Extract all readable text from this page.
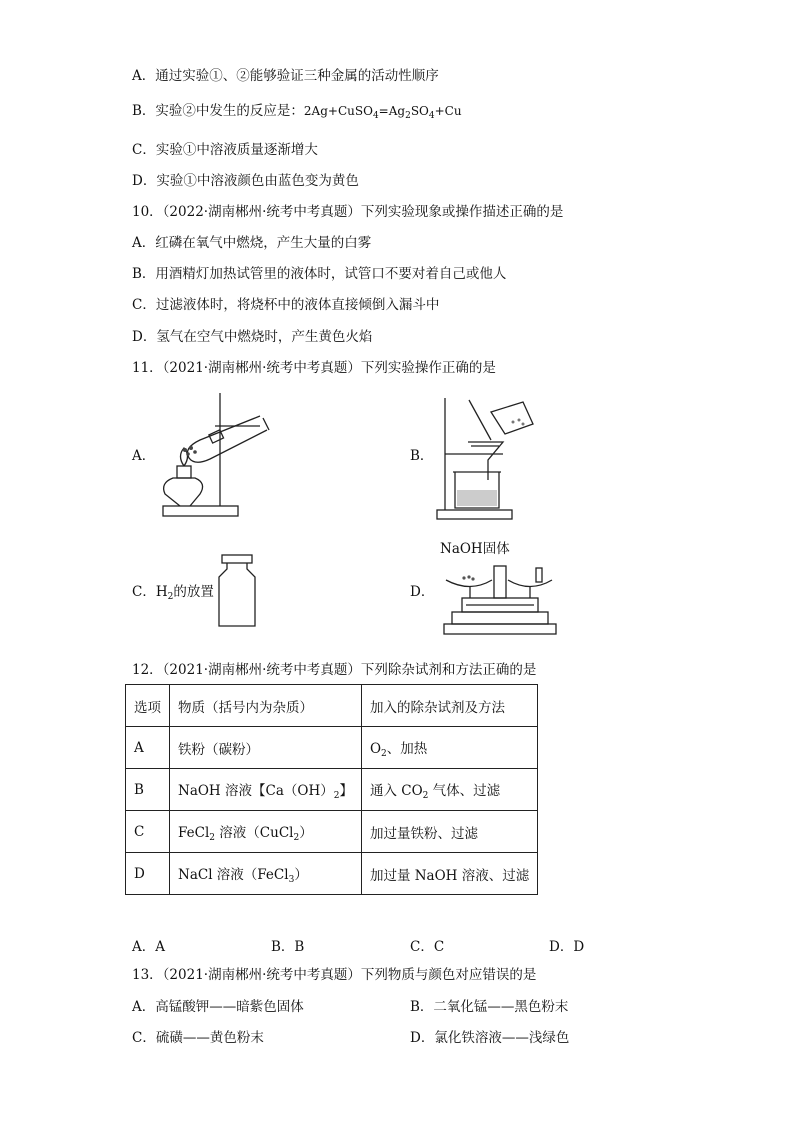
A．通过实验①、②能够验证三种金属的活动性顺序
B．实验②中发生的反应是：$2Ag+CuSO_4=Ag_2SO_4+Cu$
C．实验①中溶液质量逐渐增大
D．实验①中溶液颜色由蓝色变为黄色
10．（2022·湖南郴州·统考中考真题）下列实验现象或操作描述正确的是
A．红磷在氧气中燃烧，产生大量的白雾
B．用酒精灯加热试管里的液体时，试管口不要对着自己或他人
C．过滤液体时，将烧杯中的液体直接倾倒入漏斗中
D．氢气在空气中燃烧时，产生黄色火焰
11．（2021·湖南郴州·统考中考真题）下列实验操作正确的是
A．	B．
C．$H_2$的放置
NaOH固体
D．
12．（2021·湖南郴州·统考中考真题）下列除杂试剂和方法正确的是
选项	物质（括号内为杂质）	加入的除杂试剂及方法
A	铁粉（碳粉）	$O_2$、加热
B	NaOH 溶液【$Ca(OH)_2$】	通入 $CO_2$ 气体、过滤
C	FeCl$_2$ 溶液（CuCl$_2$）	加过量铁粉、过滤
D	NaCl 溶液（FeCl$_3$）	加过量 NaOH 溶液、过滤
A．A	B．B	C．C	D．D
13．（2021·湖南郴州·统考中考真题）下列物质与颜色对应错误的是
A．高锰酸钾——暗紫色固体	B．二氧化锰——黑色粉末
C．硫磺——黄色粉末	D．氯化铁溶液——浅绿色
